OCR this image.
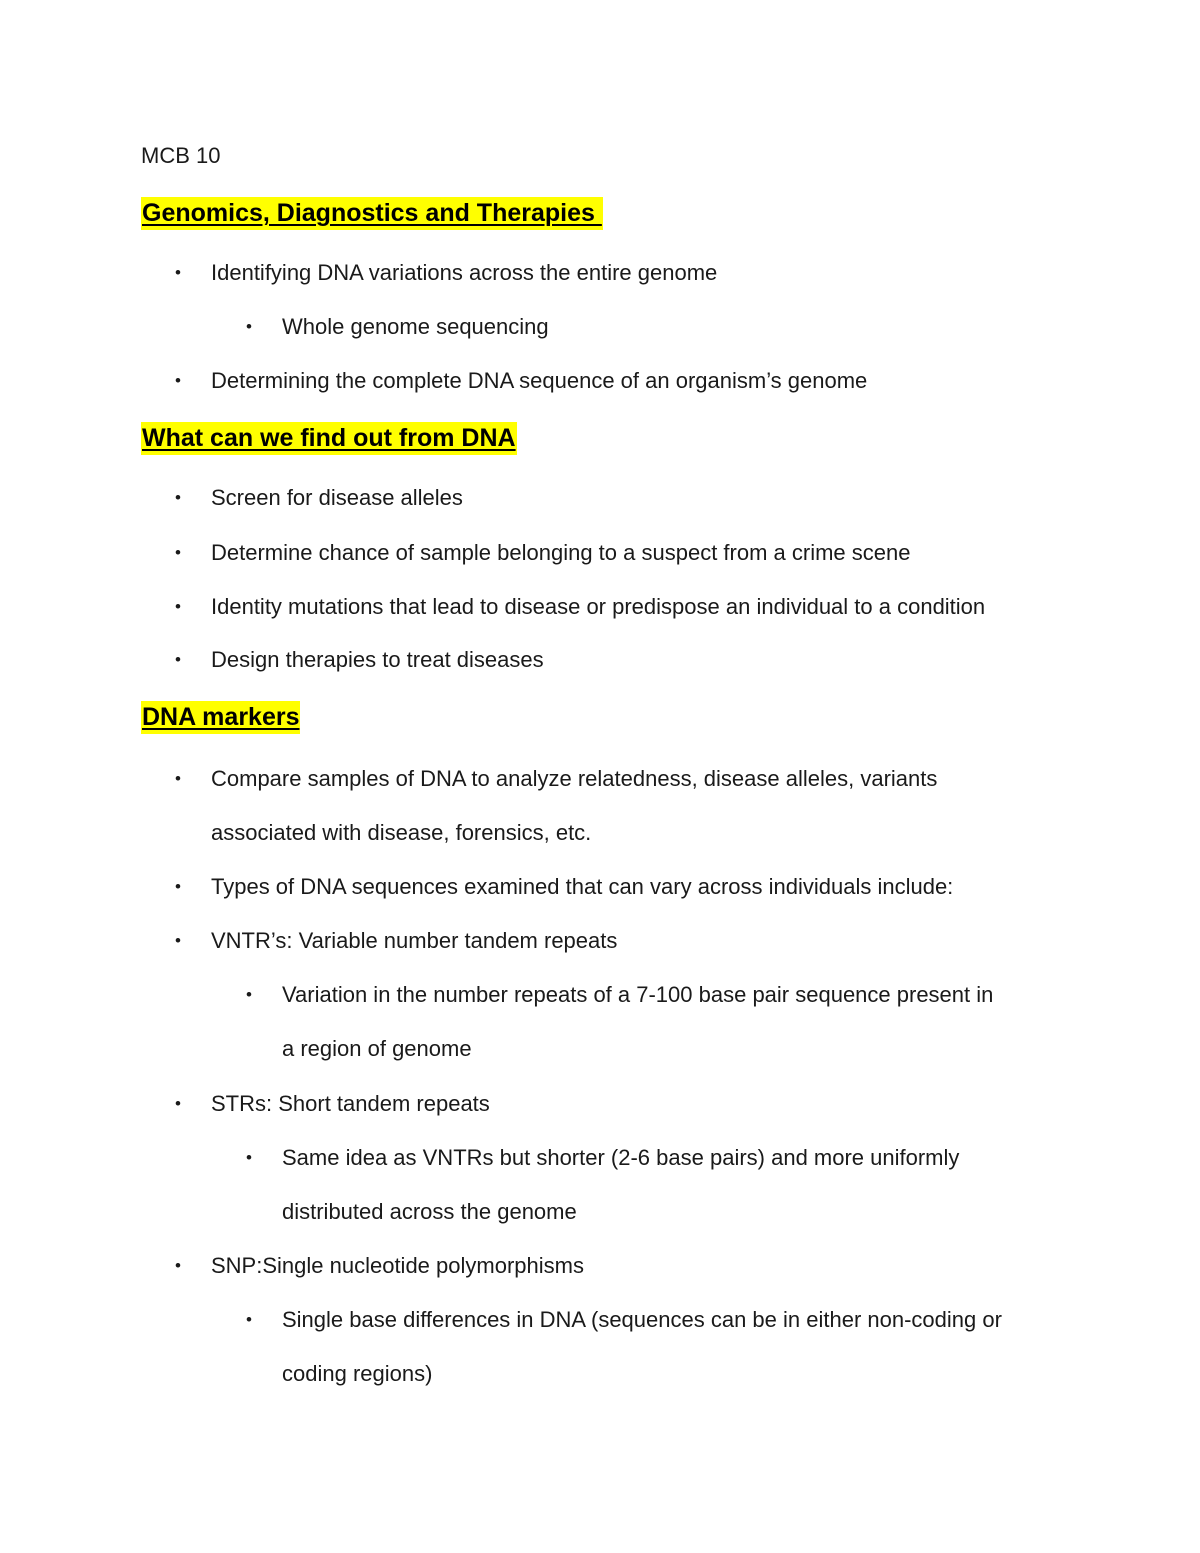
MCB 10
Genomics, Diagnostics and Therapies
• Identifying DNA variations across the entire genome
• Whole genome sequencing
• Determining the complete DNA sequence of an organism’s genome
What can we find out from DNA
• Screen for disease alleles
• Determine chance of sample belonging to a suspect from a crime scene
• Identity mutations that lead to disease or predispose an individual to a condition
• Design therapies to treat diseases
DNA markers
• Compare samples of DNA to analyze relatedness, disease alleles, variants
associated with disease, forensics, etc.
• Types of DNA sequences examined that can vary across individuals include:
• VNTR’s: Variable number tandem repeats
• Variation in the number repeats of a 7-100 base pair sequence present in
a region of genome
• STRs: Short tandem repeats
• Same idea as VNTRs but shorter (2-6 base pairs) and more uniformly
distributed across the genome
• SNP:Single nucleotide polymorphisms
• Single base differences in DNA (sequences can be in either non-coding or
coding regions)
